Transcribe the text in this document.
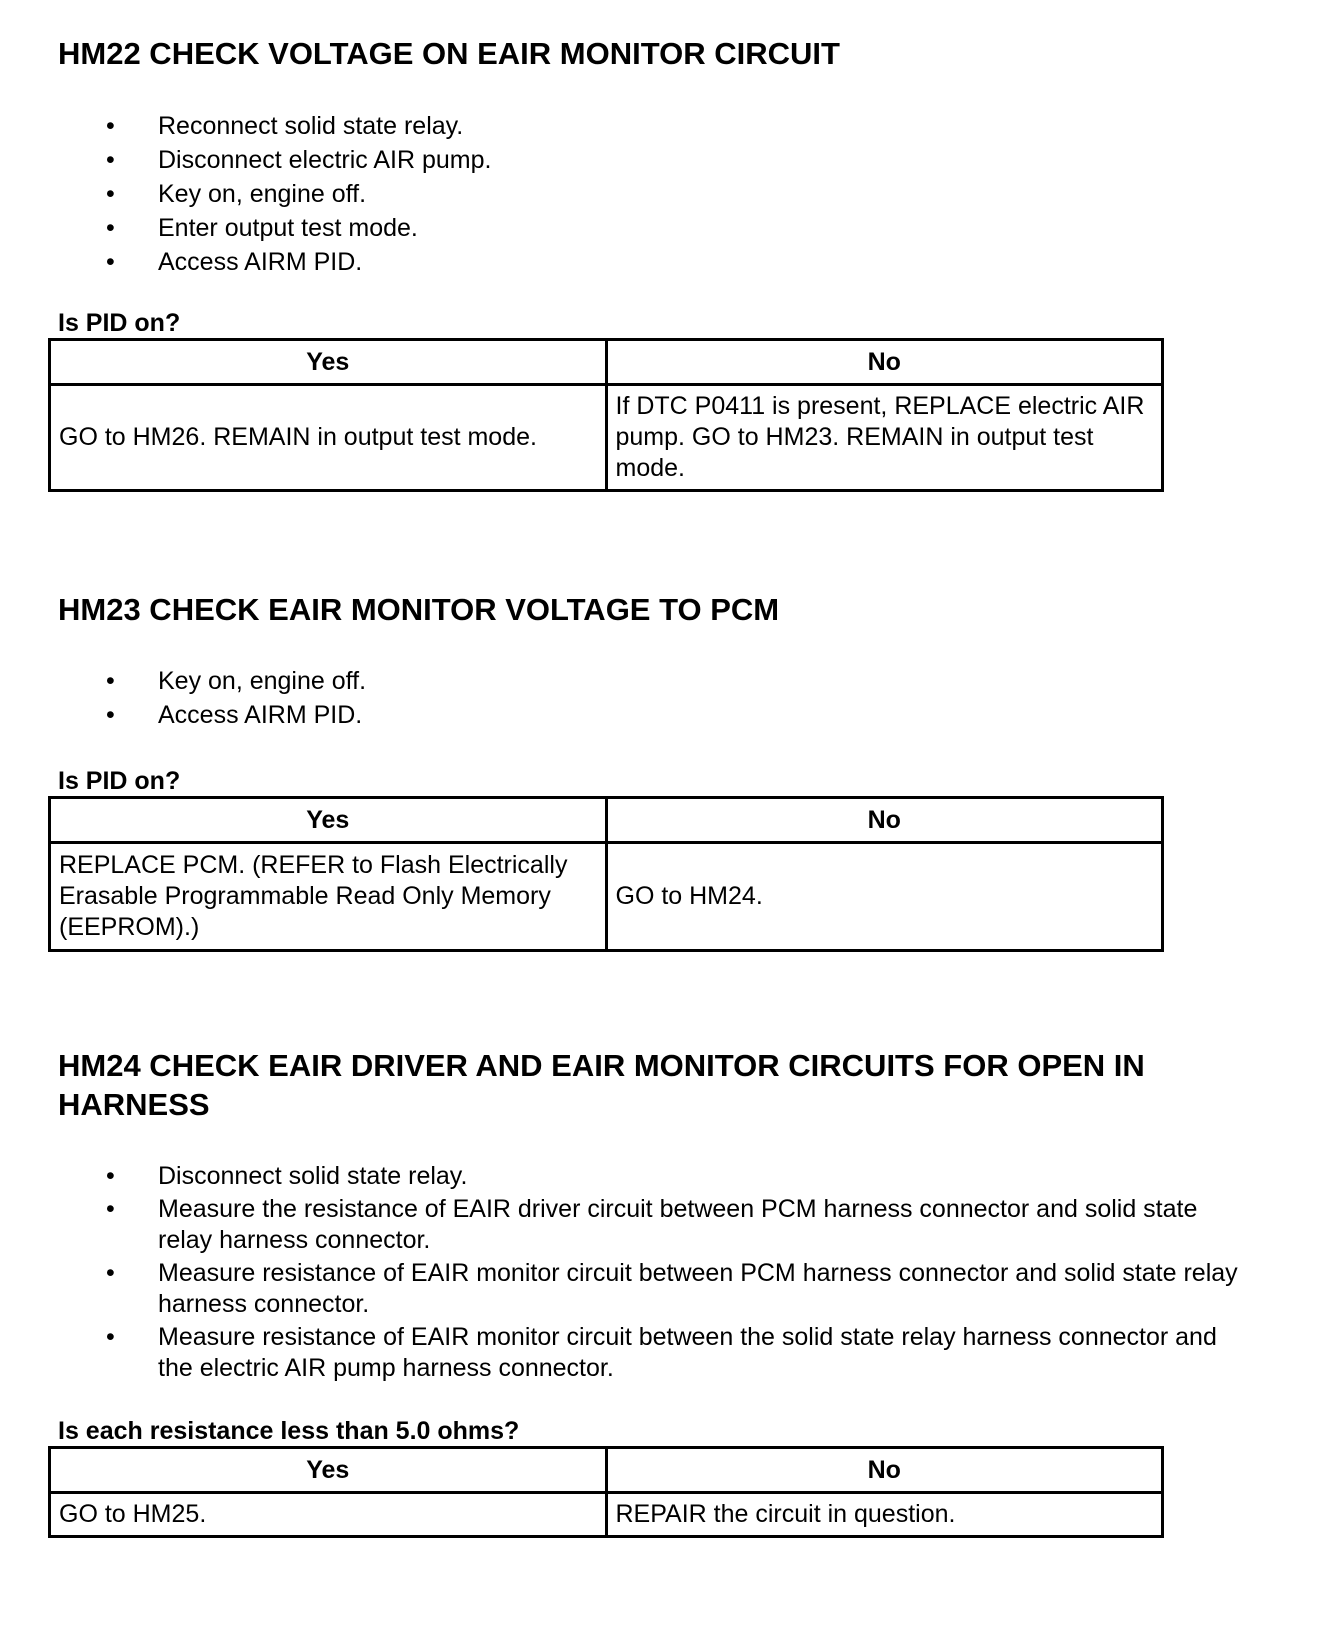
HM22 CHECK VOLTAGE ON EAIR MONITOR CIRCUIT
• Reconnect solid state relay.
• Disconnect electric AIR pump.
• Key on, engine off.
• Enter output test mode.
• Access AIRM PID.
Is PID on?
Yes	No
GO to HM26. REMAIN in output test mode.	If DTC P0411 is present, REPLACE electric AIR pump. GO to HM23. REMAIN in output test mode.
HM23 CHECK EAIR MONITOR VOLTAGE TO PCM
• Key on, engine off.
• Access AIRM PID.
Is PID on?
Yes	No
REPLACE PCM. (REFER to Flash Electrically Erasable Programmable Read Only Memory (EEPROM).)	GO to HM24.
HM24 CHECK EAIR DRIVER AND EAIR MONITOR CIRCUITS FOR OPEN IN
HARNESS
• Disconnect solid state relay.
• Measure the resistance of EAIR driver circuit between PCM harness connector and solid state relay harness connector.
• Measure resistance of EAIR monitor circuit between PCM harness connector and solid state relay harness connector.
• Measure resistance of EAIR monitor circuit between the solid state relay harness connector and the electric AIR pump harness connector.
Is each resistance less than 5.0 ohms?
Yes	No
GO to HM25.	REPAIR the circuit in question.
